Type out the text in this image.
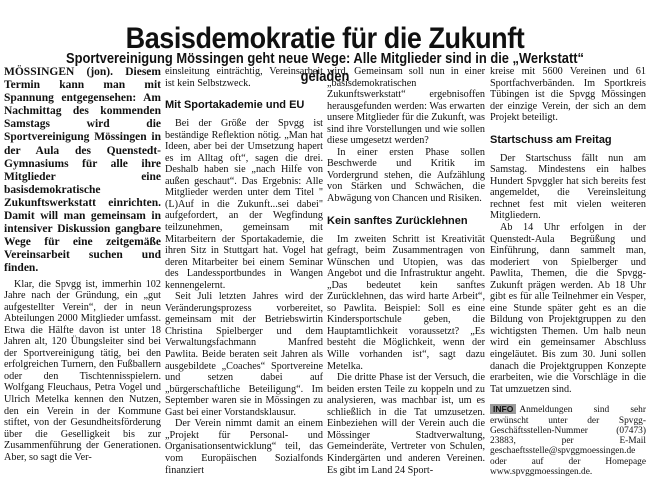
Basisdemokratie für die Zukunft
Sportvereinigung Mössingen geht neue Wege: Alle Mitglieder sind in die „Werkstatt“ geladen

MÖSSINGEN (jon). Diesem Termin kann man mit Spannung entgegensehen: Am Nachmittag des kommenden Samstags wird die Sportvereinigung Mössingen in der Aula des Quenstedt-Gymnasiums für alle ihre Mitglieder eine basisdemokratische Zukunftswerkstatt einrichten. Damit will man gemeinsam in intensiver Diskussion gangbare Wege für eine zeitgemäße Vereinsarbeit suchen und finden.

Klar, die Spvgg ist, immerhin 102 Jahre nach der Gründung, ein „gut aufgestellter Verein“, der in neun Abteilungen 2000 Mitglieder umfasst. Etwa die Hälfte davon ist unter 18 Jahren alt, 120 Übungsleiter sind bei der Sportvereinigung tätig, bei den erfolgreichen Turnern, den Fußballern oder den Tischtennisspielern. Wolfgang Fleuchaus, Petra Vogel und Ulrich Metelka kennen den Nutzen, den ein Verein in der Kommune stiftet, von der Gesundheitsförderung über die Geselligkeit bis zur Zusammenführung der Generationen. Aber, so sagt die Ver-

einsleitung einträchtig, Vereinsarbeit ist kein Selbstzweck.

Mit Sportakademie und EU

Bei der Größe der Spvgg ist beständige Reflektion nötig. „Man hat Ideen, aber bei der Umsetzung hapert es im Alltag oft“, sagen die drei. Deshalb haben sie „nach Hilfe von außen geschaut“. Das Ergebnis: Alle Mitglieder werden unter dem Titel "(L)Auf in die Zukunft...sei dabei" aufgefordert, an der Wegfindung teilzunehmen, gemeinsam mit Mitarbeitern der Sportakademie, die ihren Sitz in Stuttgart hat. Vogel hat deren Mitarbeiter bei einem Seminar des Landessportbundes in Wangen kennengelernt.

Seit Juli letzten Jahres wird der Veränderungsprozess vorbereitet, gemeinsam mit der Betriebswirtin Christina Spielberger und dem Verwaltungsfachmann Manfred Pawlita. Beide beraten seit Jahren als ausgebildete „Coaches“ Sportvereine und setzen dabei auf „bürgerschaftliche Beteiligung“. Im September waren sie in Mössingen zu Gast bei einer Vorstandsklausur.

Der Verein nimmt damit an einem „Projekt für Personal- und Organisationsentwicklung“ teil, das vom Europäischen Sozialfonds finanziert

wird. Gemeinsam soll nun in einer „basisdemokratischen Zukunftswerkstatt“ ergebnisoffen herausgefunden werden: Was erwarten unsere Mitglieder für die Zukunft, was sind ihre Vorstellungen und wie sollen diese umgesetzt werden?

In einer ersten Phase sollen Beschwerde und Kritik im Vordergrund stehen, die Aufzählung von Stärken und Schwächen, die Abwägung von Chancen und Risiken.

Kein sanftes Zurücklehnen

Im zweiten Schritt ist Kreativität gefragt, beim Zusammentragen von Wünschen und Utopien, was das Angebot und die Infrastruktur angeht. „Das bedeutet kein sanftes Zurücklehnen, das wird harte Arbeit“, so Pawlita. Beispiel: Soll es eine Kindersportschule geben, die Hauptamtlichkeit voraussetzt? „Es besteht die Möglichkeit, wenn der Wille vorhanden ist“, sagt dazu Metelka.

Die dritte Phase ist der Versuch, die beiden ersten Teile zu koppeln und zu analysieren, was machbar ist, um es schließlich in die Tat umzusetzen. Einbeziehen will der Verein auch die Mössinger Stadtverwaltung, Gemeinderäte, Vertreter von Schulen, Kindergärten und anderen Vereinen. Es gibt im Land 24 Sport-

kreise mit 5600 Vereinen und 61 Sportfachverbänden. Im Sportkreis Tübingen ist die Spvgg Mössingen der einzige Verein, der sich an dem Projekt beteiligt.

Startschuss am Freitag

Der Startschuss fällt nun am Samstag. Mindestens ein halbes Hundert Spvggler hat sich bereits fest angemeldet, die Vereinsleitung rechnet fest mit vielen weiteren Mitgliedern.

Ab 14 Uhr erfolgen in der Quenstedt-Aula Begrüßung und Einführung, dann sammelt man, moderiert von Spielberger und Pawlita, Themen, die die Spvgg-Zukunft prägen werden. Ab 18 Uhr gibt es für alle Teilnehmer ein Vesper, eine Stunde später geht es an die Bildung von Projektgruppen zu den wichtigsten Themen. Um halb neun wird ein gemeinsamer Abschluss eingeläutet. Bis zum 30. Juni sollen danach die Projektgruppen Konzepte erarbeiten, wie die Vorschläge in die Tat umzuetzen sind.

INFO Anmeldungen sind sehr erwünscht unter der Spvgg-Geschäftsstellen-Nummer (07473) 23883, per E-Mail geschaeftsstelle@spvggmoessingen.de oder auf der Homepage www.spvggmoessingen.de.
